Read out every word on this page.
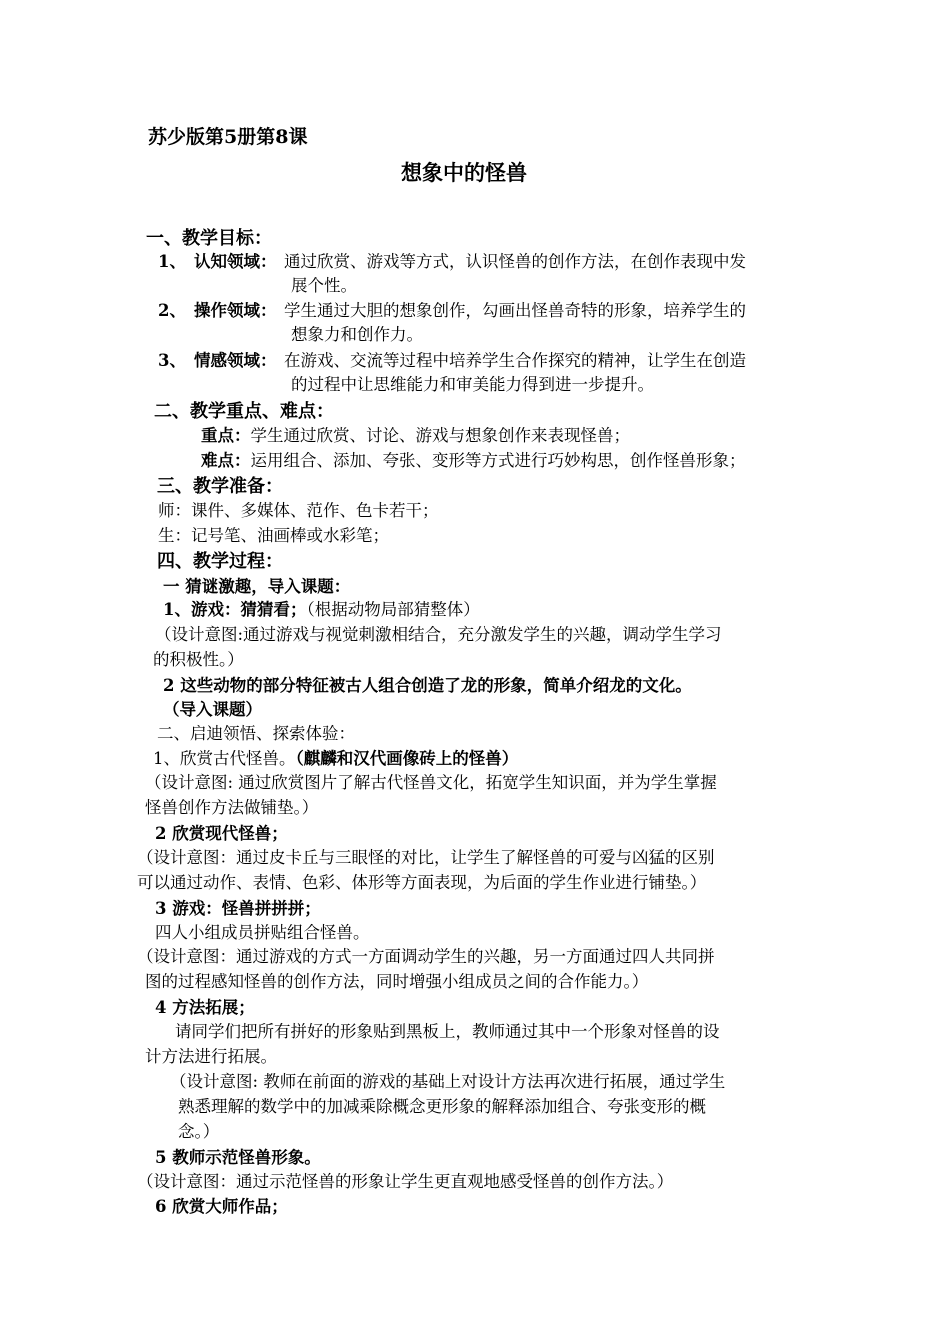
苏少版第5册第8课
想象中的怪兽
一、教学目标：
1、 认知领域： 通过欣赏、游戏等方式，认识怪兽的创作方法，在创作表现中发
展个性。
2、 操作领域： 学生通过大胆的想象创作，勾画出怪兽奇特的形象，培养学生的
想象力和创作力。
3、 情感领域： 在游戏、交流等过程中培养学生合作探究的精神，让学生在创造
的过程中让思维能力和审美能力得到进一步提升。
二、教学重点、难点：
重点：学生通过欣赏、讨论、游戏与想象创作来表现怪兽；
难点：运用组合、添加、夸张、变形等方式进行巧妙构思，创作怪兽形象；
三、教学准备：
师：课件、多媒体、范作、色卡若干；
生：记号笔、油画棒或水彩笔；
四、教学过程：
一 猜谜激趣，导入课题：
1、游戏：猜猜看；（根据动物局部猜整体）
（设计意图:通过游戏与视觉刺激相结合，充分激发学生的兴趣，调动学生学习
的积极性。）
2 这些动物的部分特征被古人组合创造了龙的形象，简单介绍龙的文化。
（导入课题）
二、启迪领悟、探索体验：
1、欣赏古代怪兽。（麒麟和汉代画像砖上的怪兽）
（设计意图: 通过欣赏图片了解古代怪兽文化，拓宽学生知识面，并为学生掌握
怪兽创作方法做铺垫。）
2 欣赏现代怪兽；
（设计意图：通过皮卡丘与三眼怪的对比，让学生了解怪兽的可爱与凶猛的区别
可以通过动作、表情、色彩、体形等方面表现，为后面的学生作业进行铺垫。）
3 游戏：怪兽拼拼拼；
四人小组成员拼贴组合怪兽。
（设计意图：通过游戏的方式一方面调动学生的兴趣，另一方面通过四人共同拼
图的过程感知怪兽的创作方法，同时增强小组成员之间的合作能力。）
4 方法拓展；
请同学们把所有拼好的形象贴到黑板上，教师通过其中一个形象对怪兽的设
计方法进行拓展。
（设计意图: 教师在前面的游戏的基础上对设计方法再次进行拓展，通过学生
熟悉理解的数学中的加减乘除概念更形象的解释添加组合、夸张变形的概
念。）
5 教师示范怪兽形象。
（设计意图：通过示范怪兽的形象让学生更直观地感受怪兽的创作方法。）
6 欣赏大师作品；
